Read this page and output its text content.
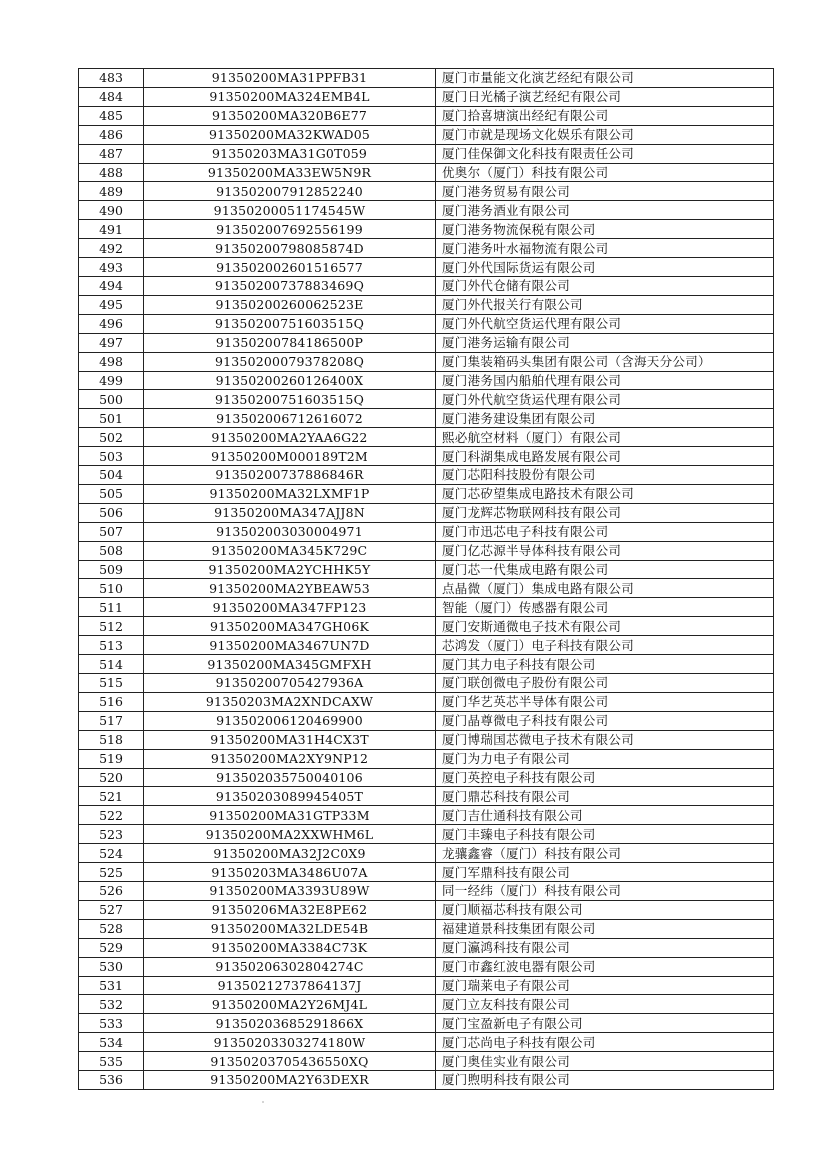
483	91350200MA31PPFB31	厦门市量能文化演艺经纪有限公司
484	91350200MA324EMB4L	厦门日光橘子演艺经纪有限公司
485	91350200MA320B6E77	厦门拾喜塘演出经纪有限公司
486	91350200MA32KWAD05	厦门市就是现场文化娱乐有限公司
487	91350203MA31G0T059	厦门佳保御文化科技有限责任公司
488	91350200MA33EW5N9R	优奥尔（厦门）科技有限公司
489	913502007912852240	厦门港务贸易有限公司
490	91350200051174545W	厦门港务酒业有限公司
491	913502007692556199	厦门港务物流保税有限公司
492	91350200798085874D	厦门港务叶水福物流有限公司
493	913502002601516577	厦门外代国际货运有限公司
494	91350200737883469Q	厦门外代仓储有限公司
495	91350200260062523E	厦门外代报关行有限公司
496	91350200751603515Q	厦门外代航空货运代理有限公司
497	91350200784186500P	厦门港务运输有限公司
498	91350200079378208Q	厦门集装箱码头集团有限公司（含海天分公司）
499	91350200260126400X	厦门港务国内船舶代理有限公司
500	91350200751603515Q	厦门外代航空货运代理有限公司
501	913502006712616072	厦门港务建设集团有限公司
502	91350200MA2YAA6G22	熙必航空材料（厦门）有限公司
503	91350200M000189T2M	厦门科湖集成电路发展有限公司
504	91350200737886846R	厦门芯阳科技股份有限公司
505	91350200MA32LXMF1P	厦门芯矽望集成电路技术有限公司
506	91350200MA347AJJ8N	厦门龙辉芯物联网科技有限公司
507	913502003030004971	厦门市迅芯电子科技有限公司
508	91350200MA345K729C	厦门亿芯源半导体科技有限公司
509	91350200MA2YCHHK5Y	厦门芯一代集成电路有限公司
510	91350200MA2YBEAW53	点晶微（厦门）集成电路有限公司
511	91350200MA347FP123	智能（厦门）传感器有限公司
512	91350200MA347GH06K	厦门安斯通微电子技术有限公司
513	91350200MA3467UN7D	芯鸿发（厦门）电子科技有限公司
514	91350200MA345GMFXH	厦门其力电子科技有限公司
515	91350200705427936A	厦门联创微电子股份有限公司
516	91350203MA2XNDCAXW	厦门华艺英芯半导体有限公司
517	913502006120469900	厦门晶尊微电子科技有限公司
518	91350200MA31H4CX3T	厦门博瑞国芯微电子技术有限公司
519	91350200MA2XY9NP12	厦门为力电子有限公司
520	913502035750040106	厦门英控电子科技有限公司
521	91350203089945405T	厦门鼎芯科技有限公司
522	91350200MA31GTP33M	厦门吉仕通科技有限公司
523	91350200MA2XXWHM6L	厦门丰臻电子科技有限公司
524	91350200MA32J2C0X9	龙骧鑫睿（厦门）科技有限公司
525	91350203MA3486U07A	厦门军鼎科技有限公司
526	91350200MA3393U89W	同一经纬（厦门）科技有限公司
527	91350206MA32E8PE62	厦门顺福芯科技有限公司
528	91350200MA32LDE54B	福建道景科技集团有限公司
529	91350200MA3384C73K	厦门瀛鸿科技有限公司
530	91350206302804274C	厦门市鑫红波电器有限公司
531	91350212737864137J	厦门瑞莱电子有限公司
532	91350200MA2Y26MJ4L	厦门立友科技有限公司
533	91350203685291866X	厦门宝盈新电子有限公司
534	91350203303274180W	厦门芯尚电子科技有限公司
535	91350203705436550XQ	厦门奥佳实业有限公司
536	91350200MA2Y63DEXR	厦门煦明科技有限公司
